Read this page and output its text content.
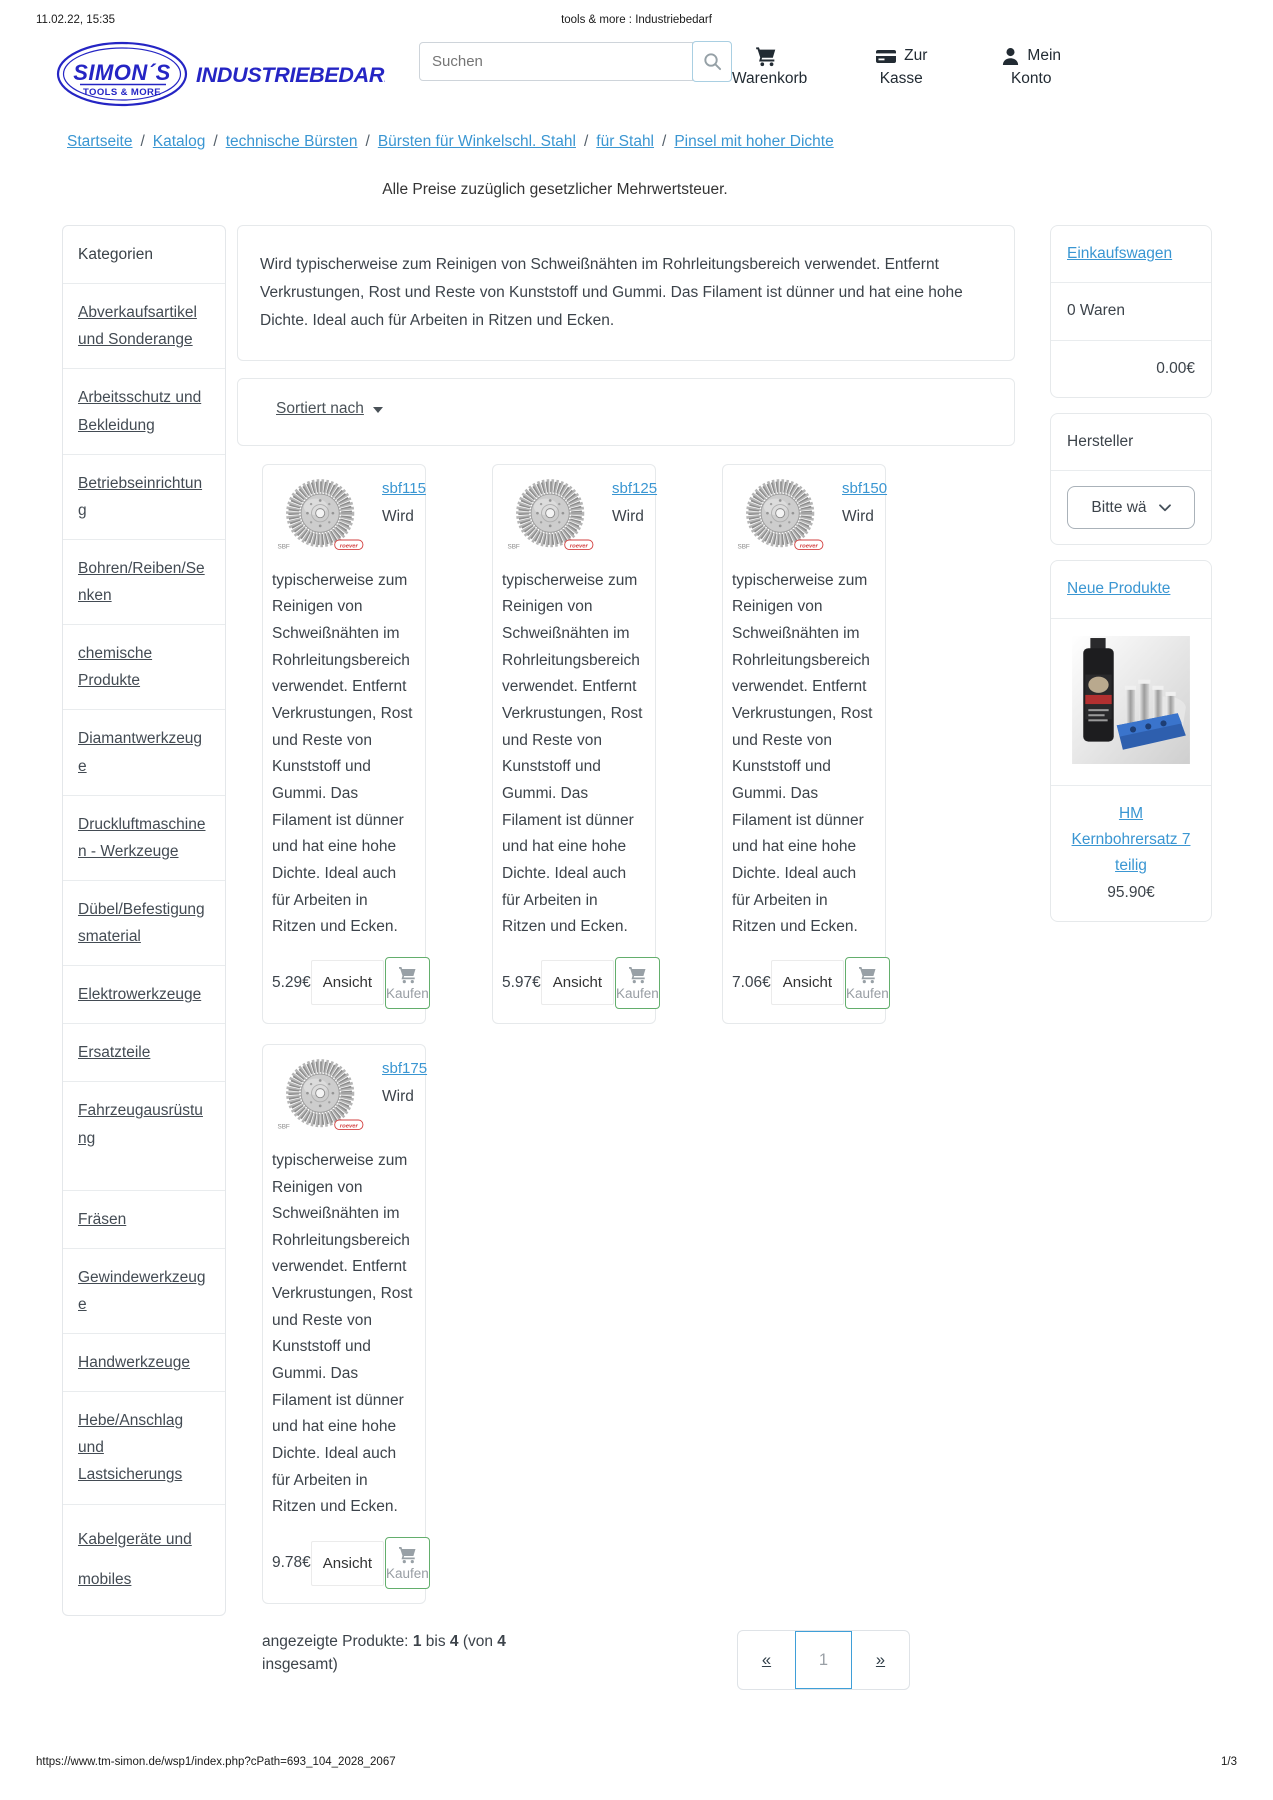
11.02.22, 15:35	tools & more : Industriebedarf
SIMON´S
TOOLS & MORE
INDUSTRIEBEDARF
Suchen	Warenkorb
Zur
Kasse
Mein
Konto
Startseite / Katalog / technische Bürsten / Bürsten für Winkelschl. Stahl / für Stahl / Pinsel mit hoher Dichte

Alle Preise zuzüglich gesetzlicher Mehrwertsteuer.

Kategorien
Abverkaufsartikel und Sonderange
Arbeitsschutz und Bekleidung
Betriebseinrichtung
Bohren/Reiben/Senken
chemische Produkte
Diamantwerkzeuge
Druckluftmaschinen - Werkzeuge
Dübel/Befestigungsmaterial
Elektrowerkzeuge
Ersatzteile
Fahrzeugausrüstung
Fräsen
Gewindewerkzeuge
Handwerkzeuge
Hebe/Anschlag und Lastsicherungs
Kabelgeräte und mobiles

Wird typischerweise zum Reinigen von Schweißnähten im Rohrleitungsbereich verwendet. Entfernt Verkrustungen, Rost und Reste von Kunststoff und Gummi. Das Filament ist dünner und hat eine hohe Dichte. Ideal auch für Arbeiten in Ritzen und Ecken.

Sortiert nach
sbf115
Wird

typischerweise zum Reinigen von Schweißnähten im Rohrleitungsbereich verwendet. Entfernt Verkrustungen, Rost und Reste von Kunststoff und Gummi. Das Filament ist dünner und hat eine hohe Dichte. Ideal auch für Arbeiten in Ritzen und Ecken.

5.29€ Ansicht
Kaufen
sbf125
Wird

typischerweise zum Reinigen von Schweißnähten im Rohrleitungsbereich verwendet. Entfernt Verkrustungen, Rost und Reste von Kunststoff und Gummi. Das Filament ist dünner und hat eine hohe Dichte. Ideal auch für Arbeiten in Ritzen und Ecken.

5.97€ Ansicht
Kaufen
sbf150
Wird

typischerweise zum Reinigen von Schweißnähten im Rohrleitungsbereich verwendet. Entfernt Verkrustungen, Rost und Reste von Kunststoff und Gummi. Das Filament ist dünner und hat eine hohe Dichte. Ideal auch für Arbeiten in Ritzen und Ecken.

7.06€ Ansicht
Kaufen
sbf175
Wird

typischerweise zum Reinigen von Schweißnähten im Rohrleitungsbereich verwendet. Entfernt Verkrustungen, Rost und Reste von Kunststoff und Gummi. Das Filament ist dünner und hat eine hohe Dichte. Ideal auch für Arbeiten in Ritzen und Ecken.

9.78€ Ansicht
Kaufen

angezeigte Produkte: 1 bis 4 (von 4 insgesamt)	«	1	»
Einkaufswagen
0 Waren
0.00€
Hersteller
Bitte wä
Neue Produkte
HM Kernbohrersatz 7 teilig
95.90€
https://www.tm-simon.de/wsp1/index.php?cPath=693_104_2028_2067	1/3
